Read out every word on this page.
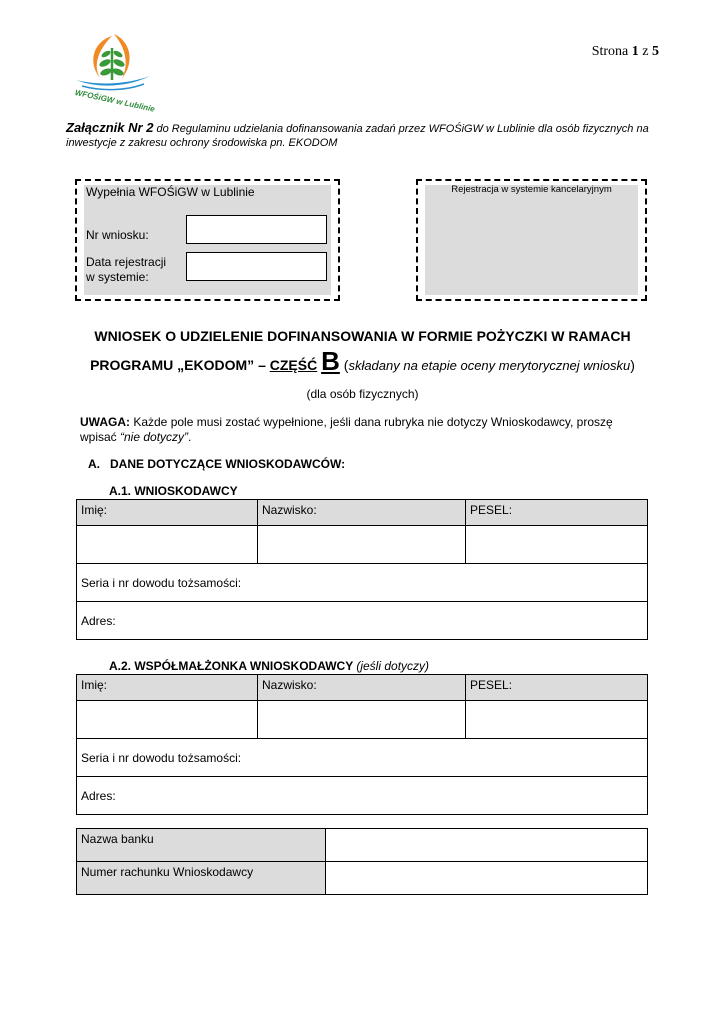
WFOŚiGW w Lublinie
Strona 1 z 5
Załącznik Nr 2 do Regulaminu udzielania dofinansowania zadań przez WFOŚiGW w Lublinie dla osób fizycznych na inwestycje z zakresu ochrony środowiska pn. EKODOM
Wypełnia WFOŚiGW w Lublinie
Nr wniosku:
Data rejestracji
w systemie:
Rejestracja w systemie kancelaryjnym
WNIOSEK O UDZIELENIE DOFINANSOWANIA W FORMIE POŻYCZKI W RAMACH
PROGRAMU „EKODOM” – CZĘŚĆ B (składany na etapie oceny merytorycznej wniosku)
(dla osób fizycznych)
UWAGA: Każde pole musi zostać wypełnione, jeśli dana rubryka nie dotyczy Wnioskodawcy, proszę wpisać “nie dotyczy”.
A. DANE DOTYCZĄCE WNIOSKODAWCÓW:
A.1. WNIOSKODAWCY
Imię:	Nazwisko:	PESEL:

Seria i nr dowodu tożsamości:		
Adres:		
A.2. WSPÓŁMAŁŻONKA WNIOSKODAWCY (jeśli dotyczy)
Imię:	Nazwisko:	PESEL:

Seria i nr dowodu tożsamości:		
Adres:		
Nazwa banku	
Numer rachunku Wnioskodawcy	
